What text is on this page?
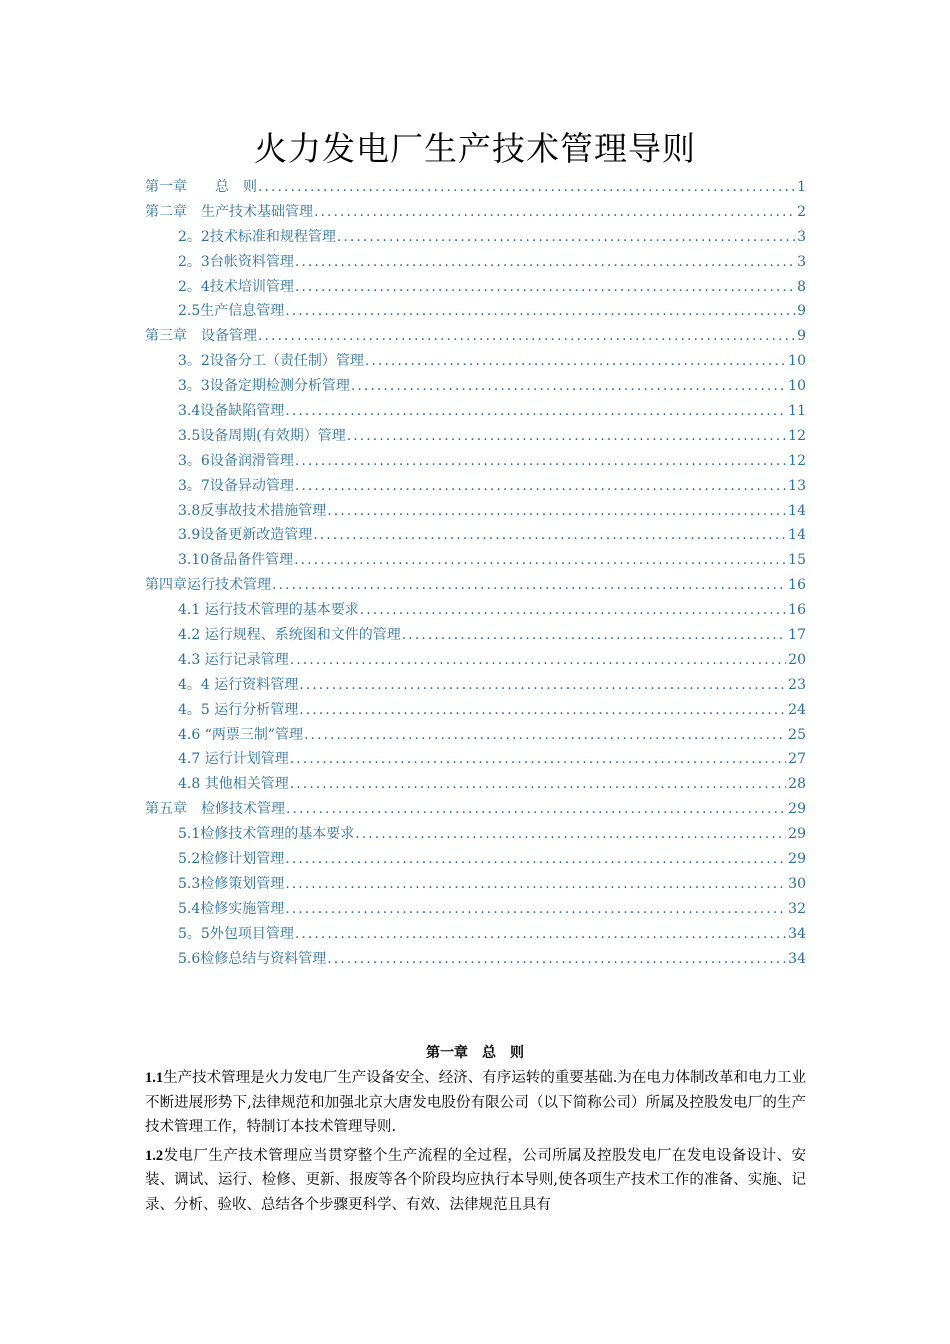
火力发电厂生产技术管理导则
第一章　　总　则 . . .	1
第二章　生产技术基础管理 . . .	2
2。2技术标准和规程管理 . . .	3
2。3台帐资料管理 . . .	3
2。4技术培训管理 . . .	8
2.5生产信息管理 . . .	9
第三章　设备管理 . . .	9
3。2设备分工（责任制）管理 . . .	10
3。3设备定期检测分析管理 . . .	10
3.4设备缺陷管理 . . .	11
3.5设备周期(有效期）管理 . . .	12
3。6设备润滑管理 . . .	12
3。7设备异动管理 . . .	13
3.8反事故技术措施管理 . . .	14
3.9设备更新改造管理 . . .	14
3.10备品备件管理 . . .	15
第四章运行技术管理 . . .	16
4.1 运行技术管理的基本要求 . . .	16
4.2 运行规程、系统图和文件的管理 . . .	17
4.3 运行记录管理 . . .	20
4。4 运行资料管理 . . .	23
4。5 运行分析管理 . . .	24
4.6 “两票三制”管理 . . .	25
4.7 运行计划管理 . . .	27
4.8 其他相关管理 . . .	28
第五章　检修技术管理 . . .	29
5.1检修技术管理的基本要求 . . .	29
5.2检修计划管理 . . .	29
5.3检修策划管理 . . .	30
5.4检修实施管理 . . .	32
5。5外包项目管理 . . .	34
5.6检修总结与资料管理 . . .	34
第一章　总　则

1.1生产技术管理是火力发电厂生产设备安全、经济、有序运转的重要基础.为在电力体制改革和电力工业不断进展形势下,法律规范和加强北京大唐发电股份有限公司（以下简称公司）所属及控股发电厂的生产技术管理工作，特制订本技术管理导则.

1.2发电厂生产技术管理应当贯穿整个生产流程的全过程，公司所属及控股发电厂在发电设备设计、安装、调试、运行、检修、更新、报废等各个阶段均应执行本导则,使各项生产技术工作的准备、实施、记录、分析、验收、总结各个步骤更科学、有效、法律规范且具有
